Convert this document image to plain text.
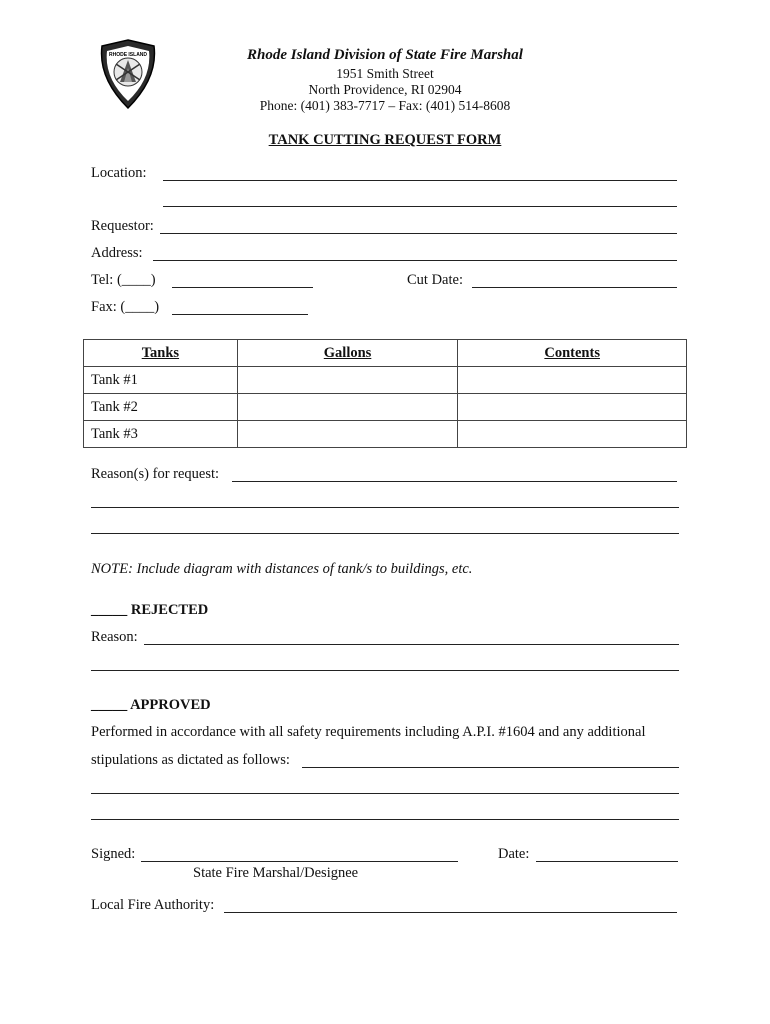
RHODE ISLAND	Rhode Island Division of State Fire Marshal
1951 Smith Street
North Providence, RI 02904
Phone: (401) 383-7717 – Fax: (401) 514-8608
TANK CUTTING REQUEST FORM
Location:
Requestor:
Address:
Tel: (____)	Cut Date:
Fax: (____)
Tanks	Gallons	Contents
Tank #1		
Tank #2		
Tank #3		
Reason(s) for request:
NOTE: Include diagram with distances of tank/s to buildings, etc.
_____ REJECTED
Reason:
_____ APPROVED
Performed in accordance with all safety requirements including A.P.I. #1604 and any additional
stipulations as dictated as follows:
Signed:	Date:
State Fire Marshal/Designee
Local Fire Authority:
